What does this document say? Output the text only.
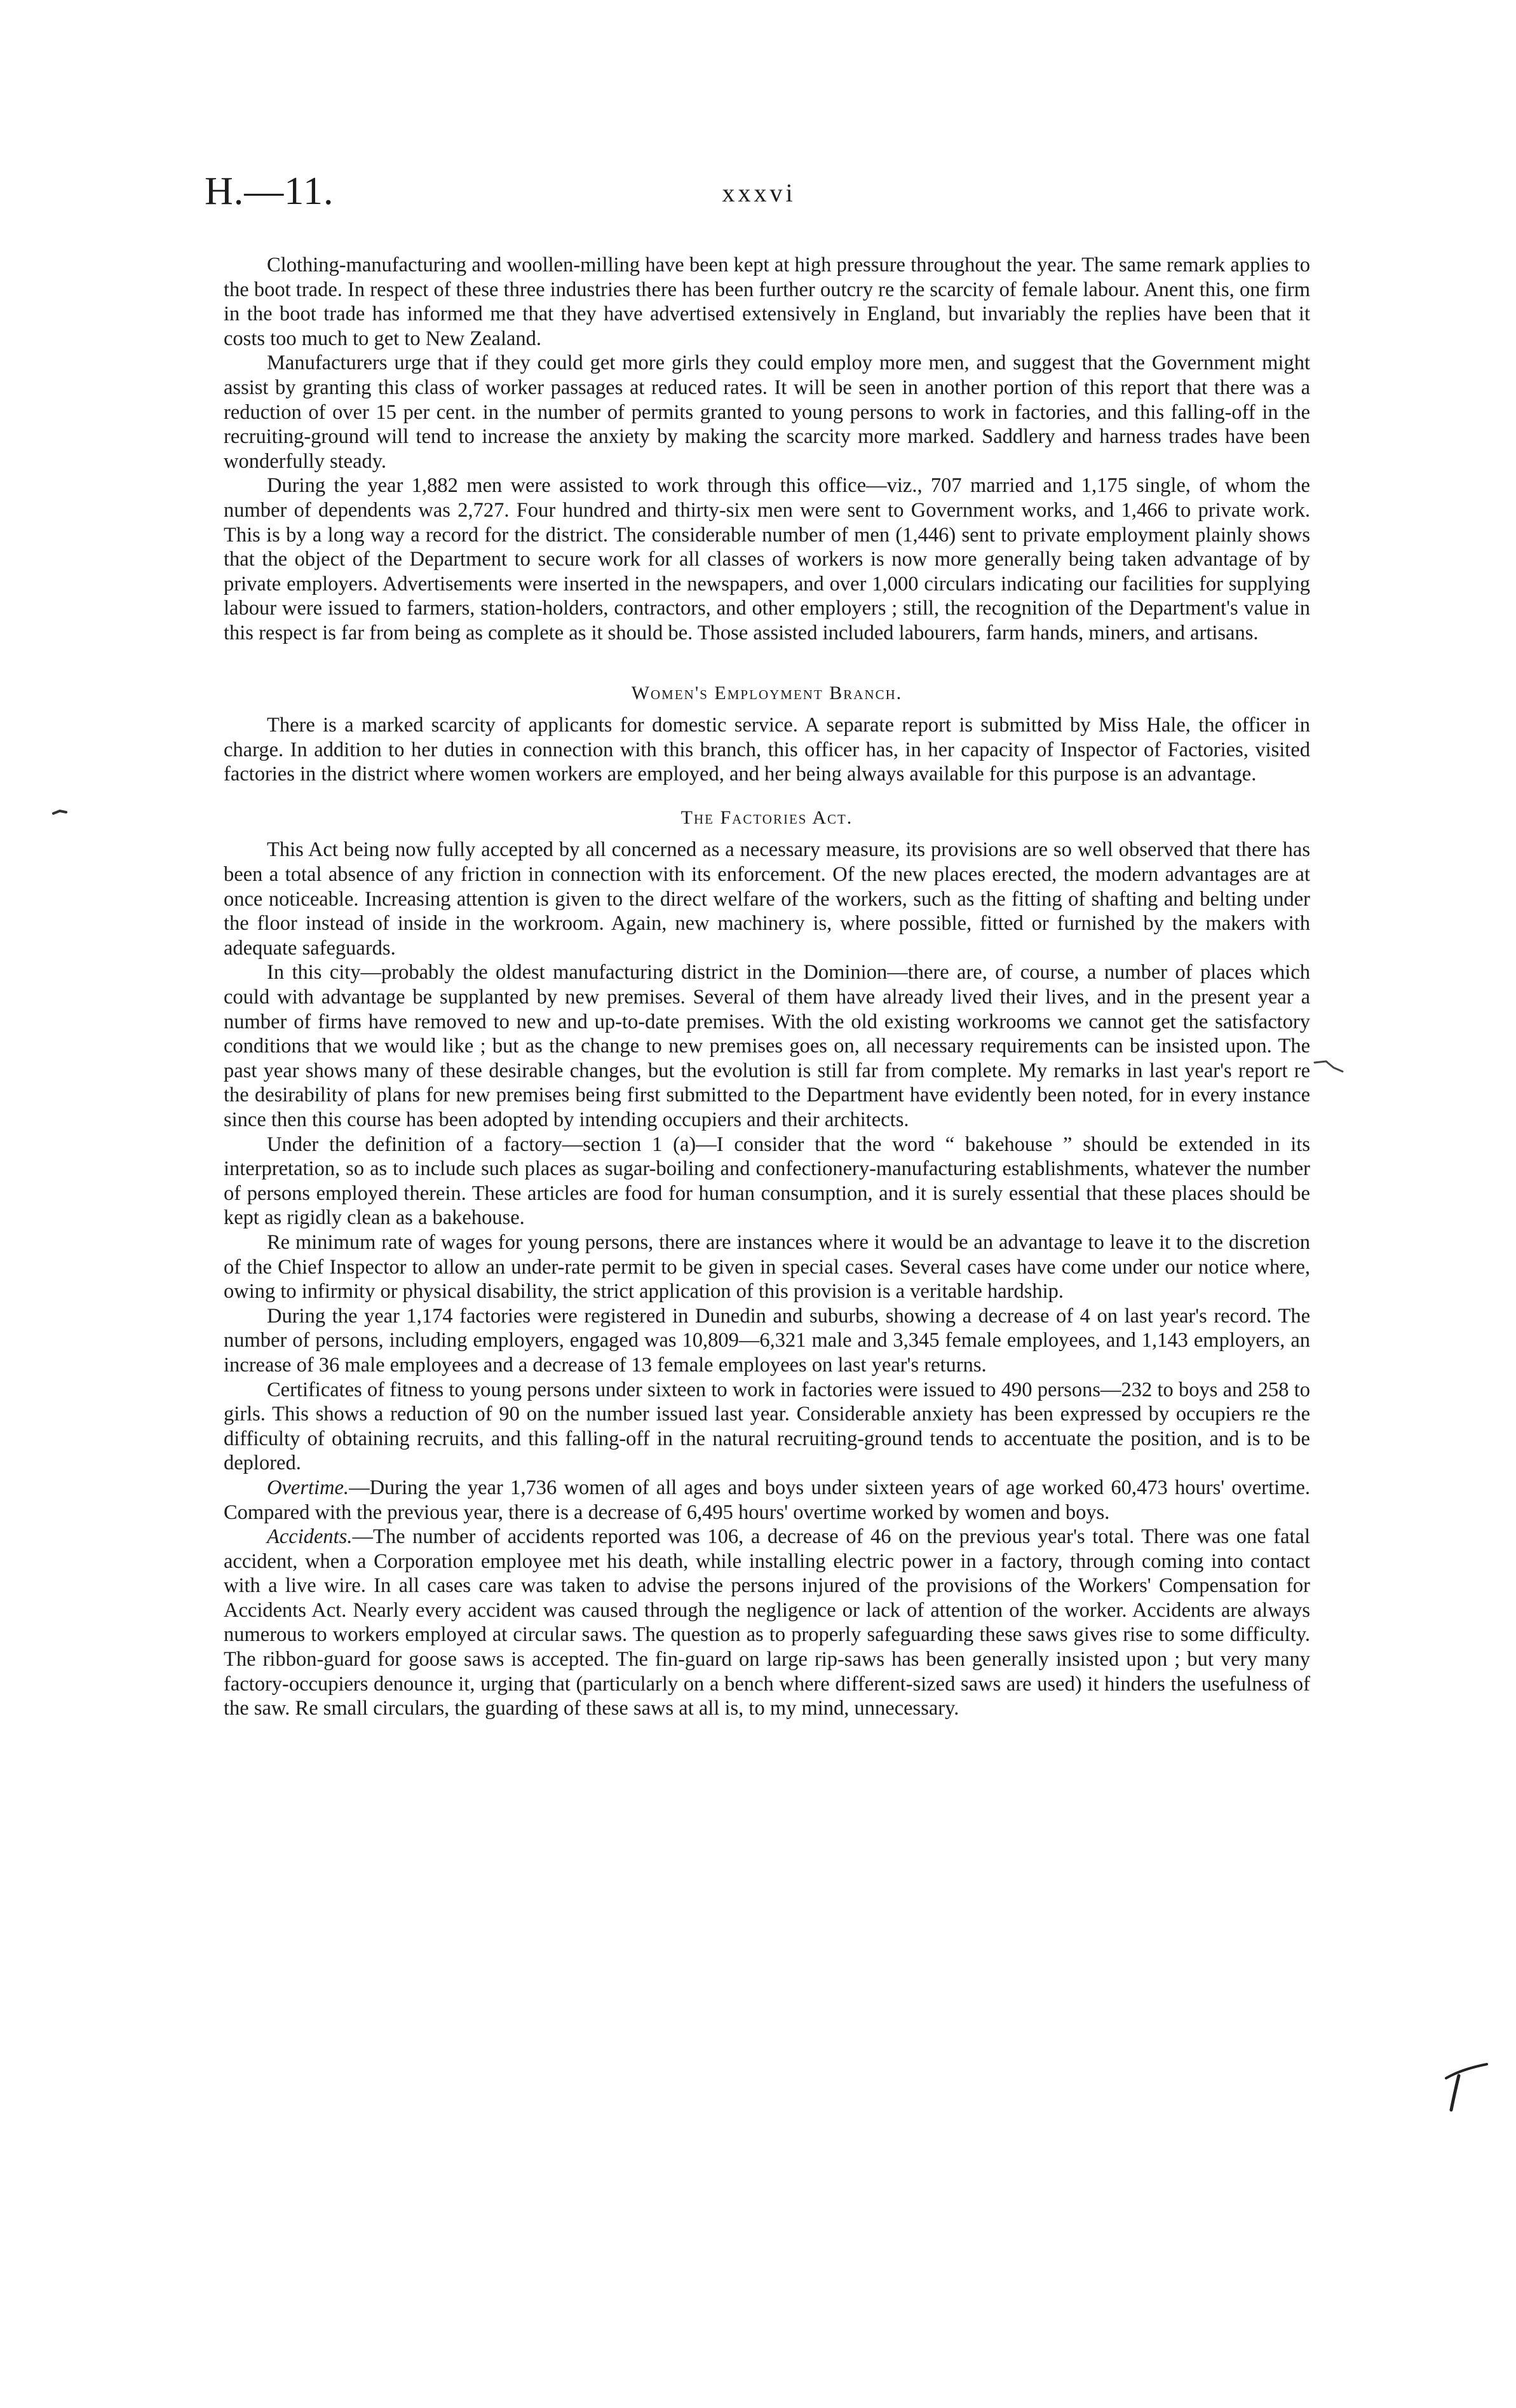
H.—11.	xxxvi

Clothing-manufacturing and woollen-milling have been kept at high pressure throughout the year. The same remark applies to the boot trade. In respect of these three industries there has been further outcry re the scarcity of female labour. Anent this, one firm in the boot trade has informed me that they have advertised extensively in England, but invariably the replies have been that it costs too much to get to New Zealand.

Manufacturers urge that if they could get more girls they could employ more men, and suggest that the Government might assist by granting this class of worker passages at reduced rates. It will be seen in another portion of this report that there was a reduction of over 15 per cent. in the number of permits granted to young persons to work in factories, and this falling-off in the recruiting-ground will tend to increase the anxiety by making the scarcity more marked. Saddlery and harness trades have been wonderfully steady.

During the year 1,882 men were assisted to work through this office—viz., 707 married and 1,175 single, of whom the number of dependents was 2,727. Four hundred and thirty-six men were sent to Government works, and 1,466 to private work. This is by a long way a record for the district. The considerable number of men (1,446) sent to private employment plainly shows that the object of the Department to secure work for all classes of workers is now more generally being taken advantage of by private employers. Advertisements were inserted in the newspapers, and over 1,000 circulars indicating our facilities for supplying labour were issued to farmers, station-holders, contractors, and other employers ; still, the recognition of the Department's value in this respect is far from being as complete as it should be. Those assisted included labourers, farm hands, miners, and artisans.

Women's Employment Branch.

There is a marked scarcity of applicants for domestic service. A separate report is submitted by Miss Hale, the officer in charge. In addition to her duties in connection with this branch, this officer has, in her capacity of Inspector of Factories, visited factories in the district where women workers are employed, and her being always available for this purpose is an advantage.

The Factories Act.

This Act being now fully accepted by all concerned as a necessary measure, its provisions are so well observed that there has been a total absence of any friction in connection with its enforcement. Of the new places erected, the modern advantages are at once noticeable. Increasing attention is given to the direct welfare of the workers, such as the fitting of shafting and belting under the floor instead of inside in the workroom. Again, new machinery is, where possible, fitted or furnished by the makers with adequate safeguards.

In this city—probably the oldest manufacturing district in the Dominion—there are, of course, a number of places which could with advantage be supplanted by new premises. Several of them have already lived their lives, and in the present year a number of firms have removed to new and up-to-date premises. With the old existing workrooms we cannot get the satisfactory conditions that we would like ; but as the change to new premises goes on, all necessary requirements can be insisted upon. The past year shows many of these desirable changes, but the evolution is still far from complete. My remarks in last year's report re the desirability of plans for new premises being first submitted to the Department have evidently been noted, for in every instance since then this course has been adopted by intending occupiers and their architects.

Under the definition of a factory—section 1 (a)—I consider that the word “ bakehouse ” should be extended in its interpretation, so as to include such places as sugar-boiling and confectionery-manufacturing establishments, whatever the number of persons employed therein. These articles are food for human consumption, and it is surely essential that these places should be kept as rigidly clean as a bakehouse.

Re minimum rate of wages for young persons, there are instances where it would be an advantage to leave it to the discretion of the Chief Inspector to allow an under-rate permit to be given in special cases. Several cases have come under our notice where, owing to infirmity or physical disability, the strict application of this provision is a veritable hardship.

During the year 1,174 factories were registered in Dunedin and suburbs, showing a decrease of 4 on last year's record. The number of persons, including employers, engaged was 10,809—6,321 male and 3,345 female employees, and 1,143 employers, an increase of 36 male employees and a decrease of 13 female employees on last year's returns.

Certificates of fitness to young persons under sixteen to work in factories were issued to 490 persons—232 to boys and 258 to girls. This shows a reduction of 90 on the number issued last year. Considerable anxiety has been expressed by occupiers re the difficulty of obtaining recruits, and this falling-off in the natural recruiting-ground tends to accentuate the position, and is to be deplored.

Overtime.—During the year 1,736 women of all ages and boys under sixteen years of age worked 60,473 hours' overtime. Compared with the previous year, there is a decrease of 6,495 hours' overtime worked by women and boys.

Accidents.—The number of accidents reported was 106, a decrease of 46 on the previous year's total. There was one fatal accident, when a Corporation employee met his death, while installing electric power in a factory, through coming into contact with a live wire. In all cases care was taken to advise the persons injured of the provisions of the Workers' Compensation for Accidents Act. Nearly every accident was caused through the negligence or lack of attention of the worker. Accidents are always numerous to workers employed at circular saws. The question as to properly safeguarding these saws gives rise to some difficulty. The ribbon-guard for goose saws is accepted. The fin-guard on large rip-saws has been generally insisted upon ; but very many factory-occupiers denounce it, urging that (particularly on a bench where different-sized saws are used) it hinders the usefulness of the saw. Re small circulars, the guarding of these saws at all is, to my mind, unnecessary.
